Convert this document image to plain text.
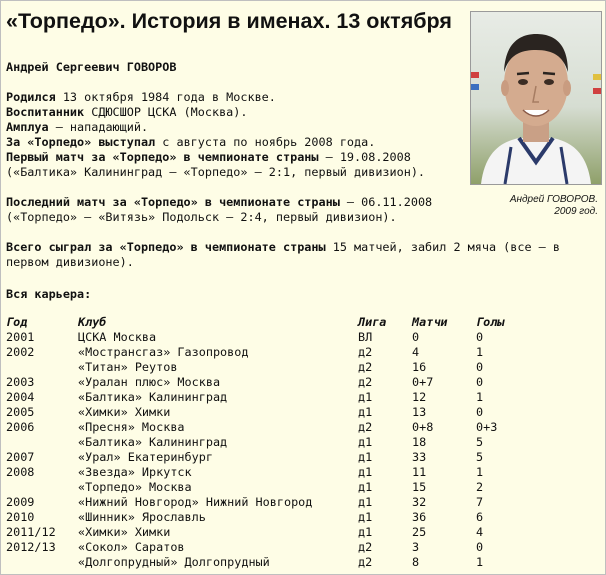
«Торпедо». История в именах. 13 октября
Андрей ГОВОРОВ.
2009 год.
Андрей Сергеевич ГОВОРОВ
Родился 13 октября 1984 года в Москве.
Воспитанник СДЮСШОР ЦСКА (Москва).
Амплуа – нападающий.
За «Торпедо» выступал с августа по ноябрь 2008 года.
Первый матч за «Торпедо» в чемпионате страны – 19.08.2008 («Балтика» Калининград – «Торпедо» – 2:1, первый дивизион).
Последний матч за «Торпедо» в чемпионате страны – 06.11.2008 («Торпедо» – «Витязь» Подольск – 2:4, первый дивизион).
Всего сыграл за «Торпедо» в чемпионате страны 15 матчей, забил 2 мяча (все – в первом дивизионе).
Вся карьера:
Год	Клуб	Лига Матчи Голы
2001	ЦСКА Москва	ВЛ	0	0
2002	«Мострансгаз» Газопровод	д2	4	1
«Титан» Реутов	д2	16	0
2003	«Уралан плюс» Москва	д2	0+7	0
2004	«Балтика» Калининград	д1	12	1
2005	«Химки» Химки	д1	13	0
2006	«Пресня» Москва	д2	0+8	0+3
«Балтика» Калининград	д1	18	5
2007	«Урал» Екатеринбург	д1	33	5
2008	«Звезда» Иркутск	д1	11	1
«Торпедо» Москва	д1	15	2
2009	«Нижний Новгород» Нижний Новгород	д1	32	7
2010	«Шинник» Ярославль	д1	36	6
2011/12 «Химки» Химки	д1	25	4
2012/13 «Сокол» Саратов	д2	3	0
«Долгопрудный» Долгопрудный	д2	8	1
